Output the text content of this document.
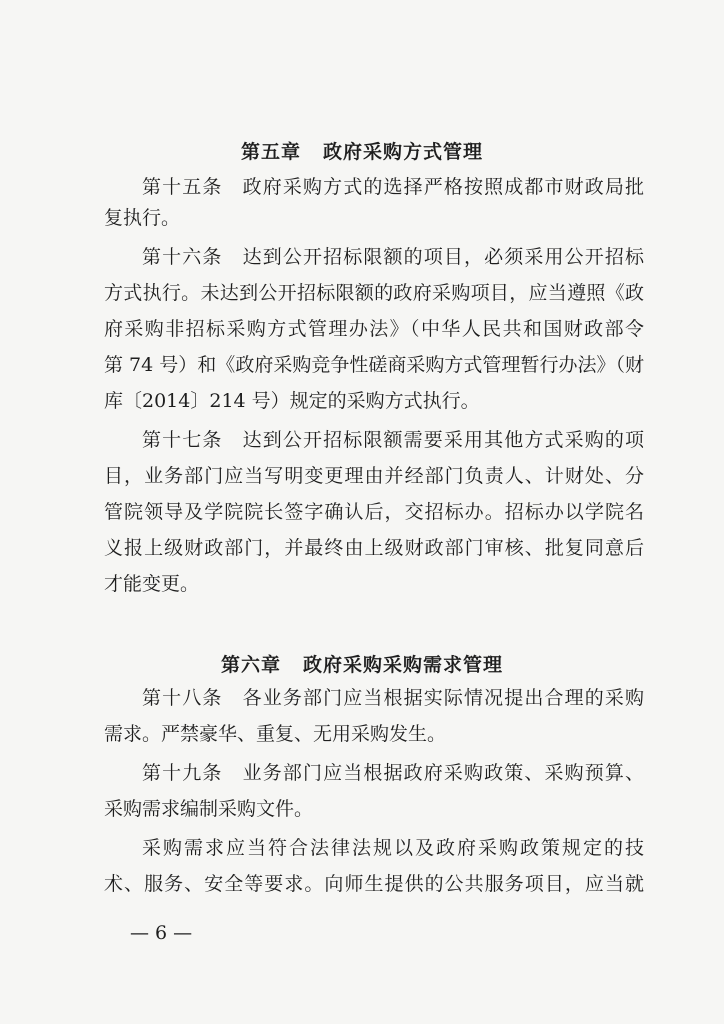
第五章 政府采购方式管理
第十五条　政府采购方式的选择严格按照成都市财政局批
复执行。
第十六条　达到公开招标限额的项目，必须采用公开招标
方式执行。未达到公开招标限额的政府采购项目，应当遵照《政
府采购非招标采购方式管理办法》（中华人民共和国财政部令
第 74 号）和《政府采购竞争性磋商采购方式管理暂行办法》（财
库〔2014〕214 号）规定的采购方式执行。
第十七条　达到公开招标限额需要采用其他方式采购的项
目，业务部门应当写明变更理由并经部门负责人、计财处、分
管院领导及学院院长签字确认后，交招标办。招标办以学院名
义报上级财政部门，并最终由上级财政部门审核、批复同意后
才能变更。
第六章 政府采购采购需求管理
第十八条　各业务部门应当根据实际情况提出合理的采购
需求。严禁豪华、重复、无用采购发生。
第十九条　业务部门应当根据政府采购政策、采购预算、
采购需求编制采购文件。
采购需求应当符合法律法规以及政府采购政策规定的技
术、服务、安全等要求。向师生提供的公共服务项目，应当就
— 6 —
